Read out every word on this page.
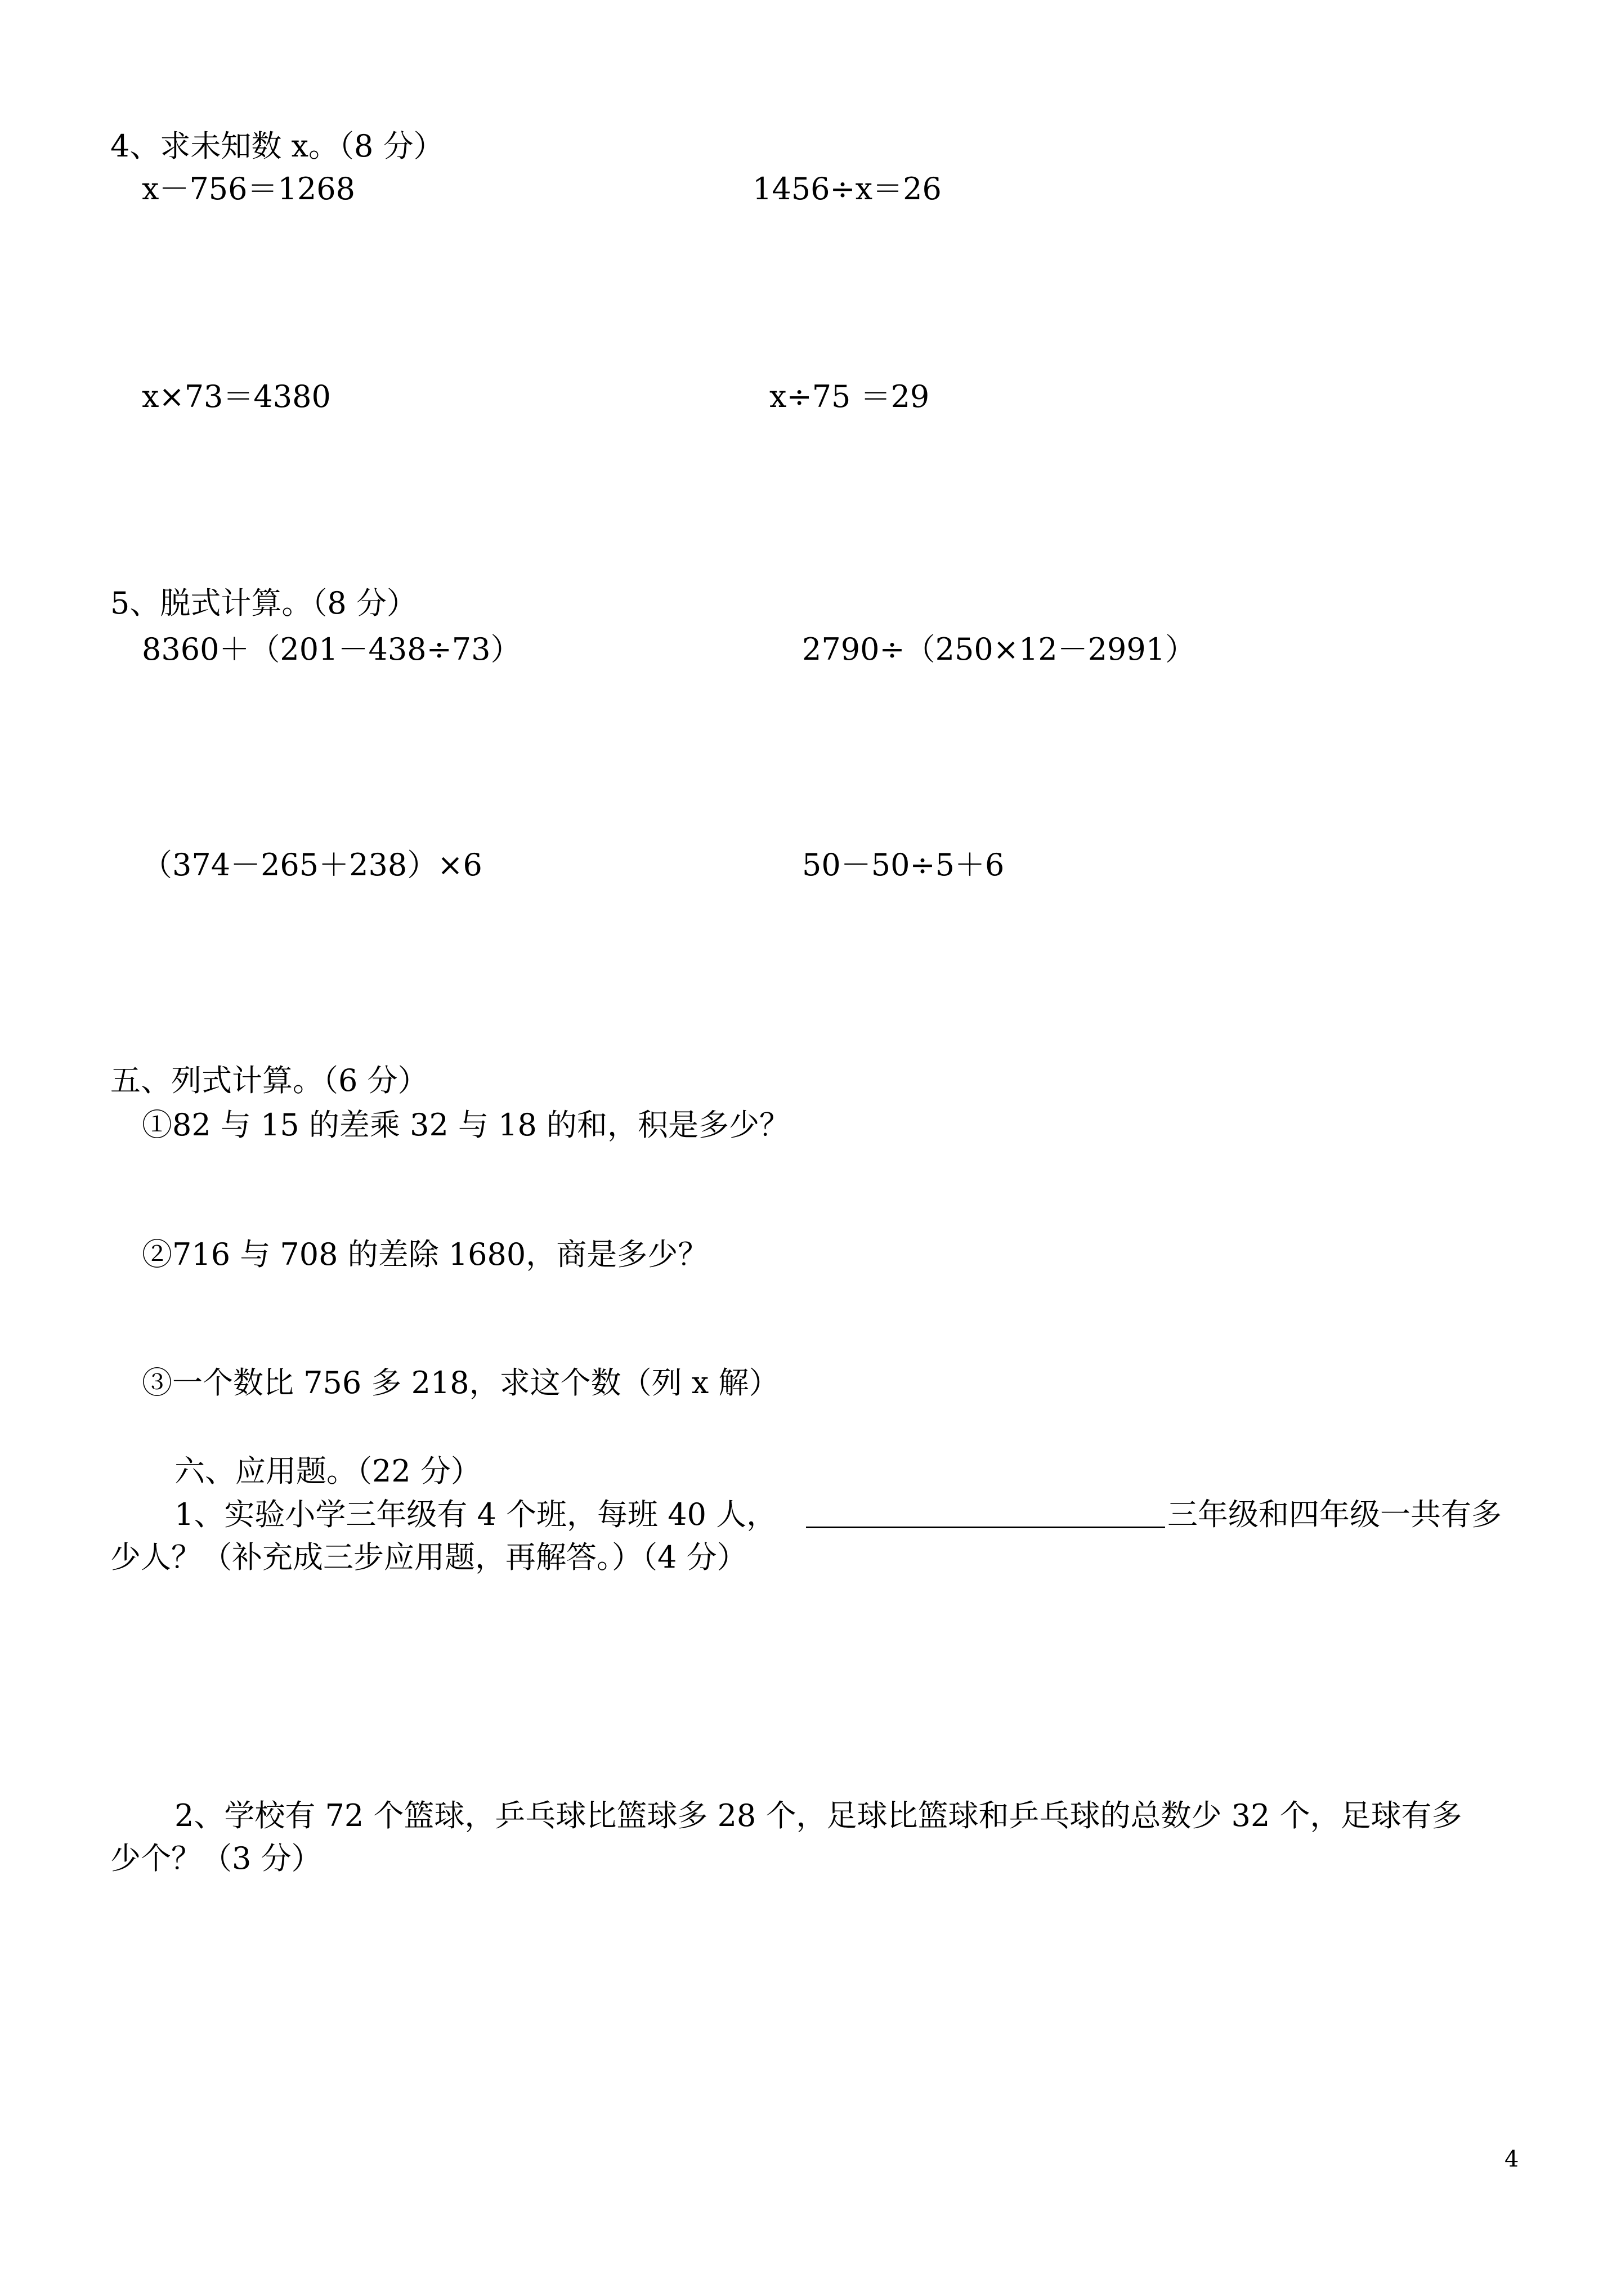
4、求未知数 x。（8 分）
x－756＝1268	1456÷x＝26
x×73＝4380	x÷75 ＝29
5、脱式计算。（8 分）
8360＋（201－438÷73）	2790÷（250×12－2991）
（374－265＋238）×6	50－50÷5＋6
五、列式计算。（6 分）
①82 与 15 的差乘 32 与 18 的和，积是多少？
②716 与 708 的差除 1680，商是多少？
③一个数比 756 多 218，求这个数（列 x 解）
六、应用题。（22 分）
1、实验小学三年级有 4 个班，每班 40 人，	三年级和四年级一共有多
少人？（补充成三步应用题，再解答。）（4 分）
2、学校有 72 个篮球，乒乓球比篮球多 28 个，足球比篮球和乒乓球的总数少 32 个，足球有多
少个？（3 分）
4
